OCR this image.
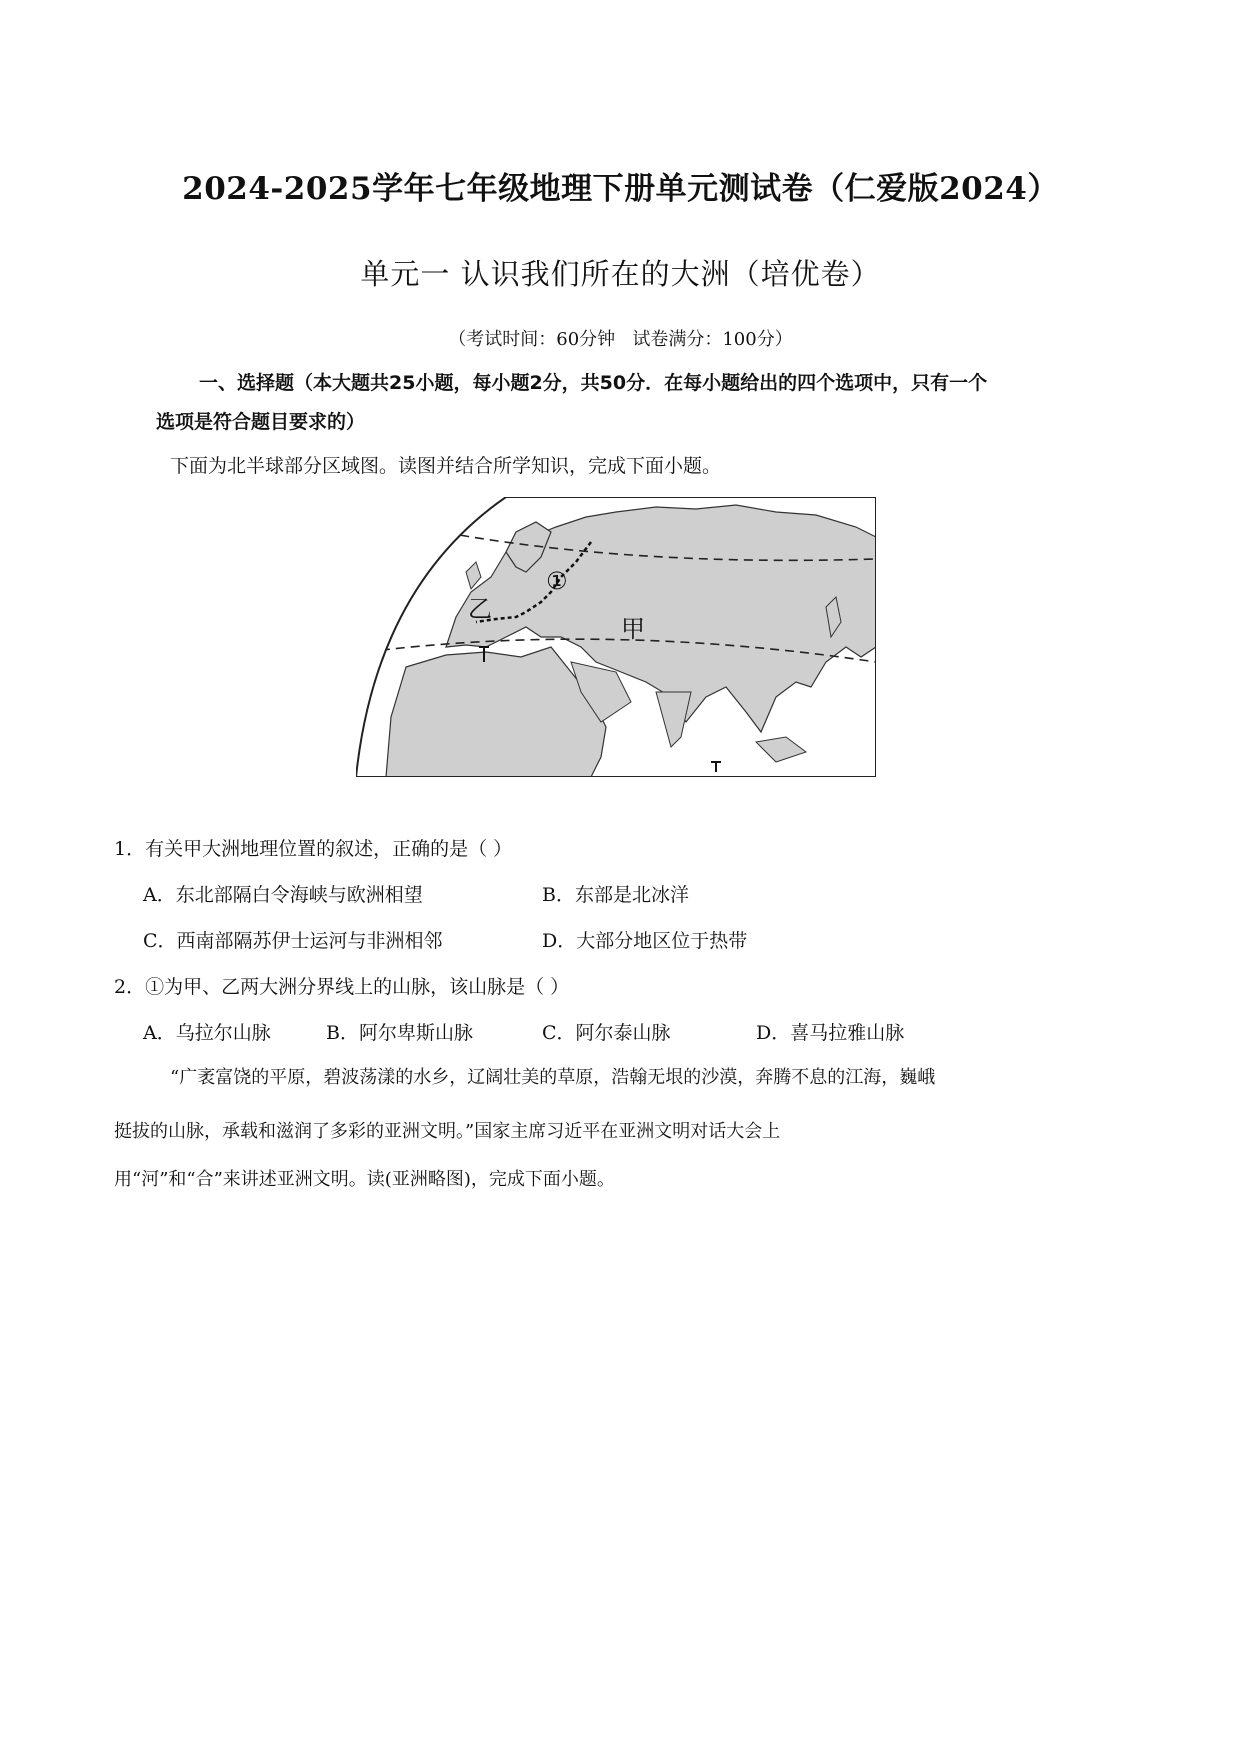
2024-2025学年七年级地理下册单元测试卷（仁爱版2024）
单元一 认识我们所在的大洲（培优卷）
（考试时间：60分钟   试卷满分：100分）
一、选择题（本大题共25小题，每小题2分，共50分．在每小题给出的四个选项中，只有一个
选项是符合题目要求的）
下面为北半球部分区域图。读图并结合所学知识，完成下面小题。
①
乙
甲
1．有关甲大洲地理位置的叙述，正确的是（ ）
A．东北部隔白令海峡与欧洲相望	B．东部是北冰洋
C．西南部隔苏伊士运河与非洲相邻	D．大部分地区位于热带
2．①为甲、乙两大洲分界线上的山脉，该山脉是（ ）
A．乌拉尔山脉	B．阿尔卑斯山脉	C．阿尔泰山脉	D．喜马拉雅山脉
“广袤富饶的平原，碧波荡漾的水乡，辽阔壮美的草原，浩翰无垠的沙漠，奔腾不息的江海，巍峨
挺拔的山脉，承载和滋润了多彩的亚洲文明。”国家主席习近平在亚洲文明对话大会上
用“河”和“合”来讲述亚洲文明。读(亚洲略图)，完成下面小题。
